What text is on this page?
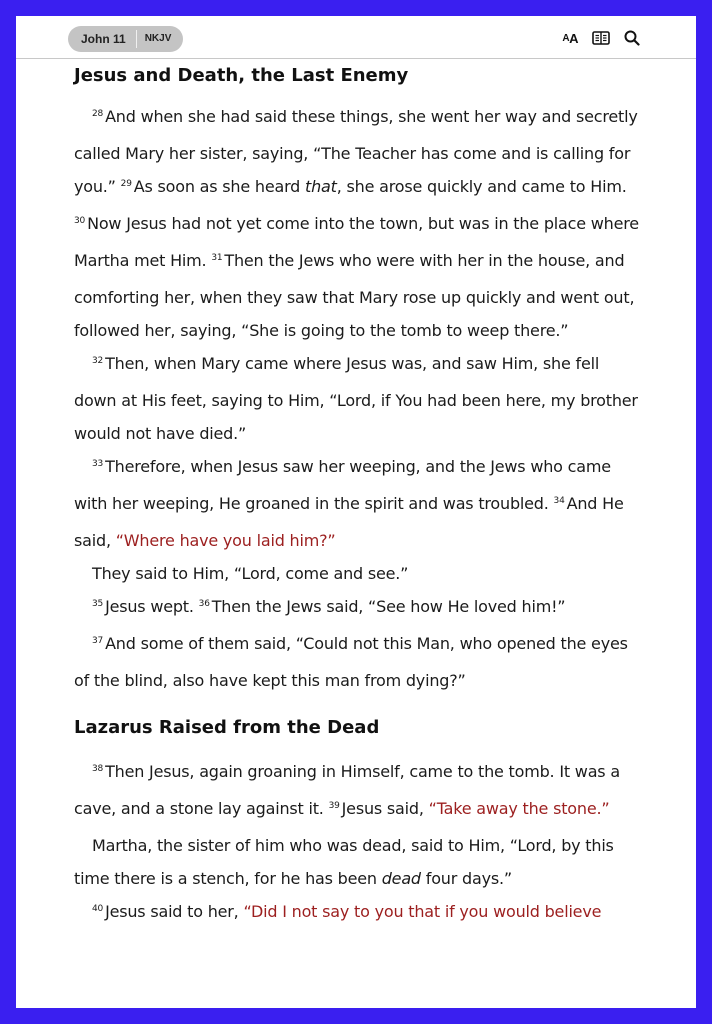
John 11	NKJV	A A
Jesus and Death, the Last Enemy

$^{28}$ And when she had said these things, she went her way and secretly called Mary her sister, saying, “The Teacher has come and is calling for you.” $^{29}$ As soon as she heard that, she arose quickly and came to Him. $^{30}$ Now Jesus had not yet come into the town, but was in the place where Martha met Him. $^{31}$ Then the Jews who were with her in the house, and comforting her, when they saw that Mary rose up quickly and went out, followed her, saying, “She is going to the tomb to weep there.”

$^{32}$ Then, when Mary came where Jesus was, and saw Him, she fell down at His feet, saying to Him, “Lord, if You had been here, my brother would not have died.”

$^{33}$ Therefore, when Jesus saw her weeping, and the Jews who came with her weeping, He groaned in the spirit and was troubled. $^{34}$ And He said, “Where have you laid him?”

They said to Him, “Lord, come and see.”

$^{35}$ Jesus wept. $^{36}$ Then the Jews said, “See how He loved him!”

$^{37}$ And some of them said, “Could not this Man, who opened the eyes of the blind, also have kept this man from dying?”

Lazarus Raised from the Dead

$^{38}$ Then Jesus, again groaning in Himself, came to the tomb. It was a cave, and a stone lay against it. $^{39}$ Jesus said, “Take away the stone.”

Martha, the sister of him who was dead, said to Him, “Lord, by this time there is a stench, for he has been dead four days.”

$^{40}$ Jesus said to her, “Did I not say to you that if you would believe
